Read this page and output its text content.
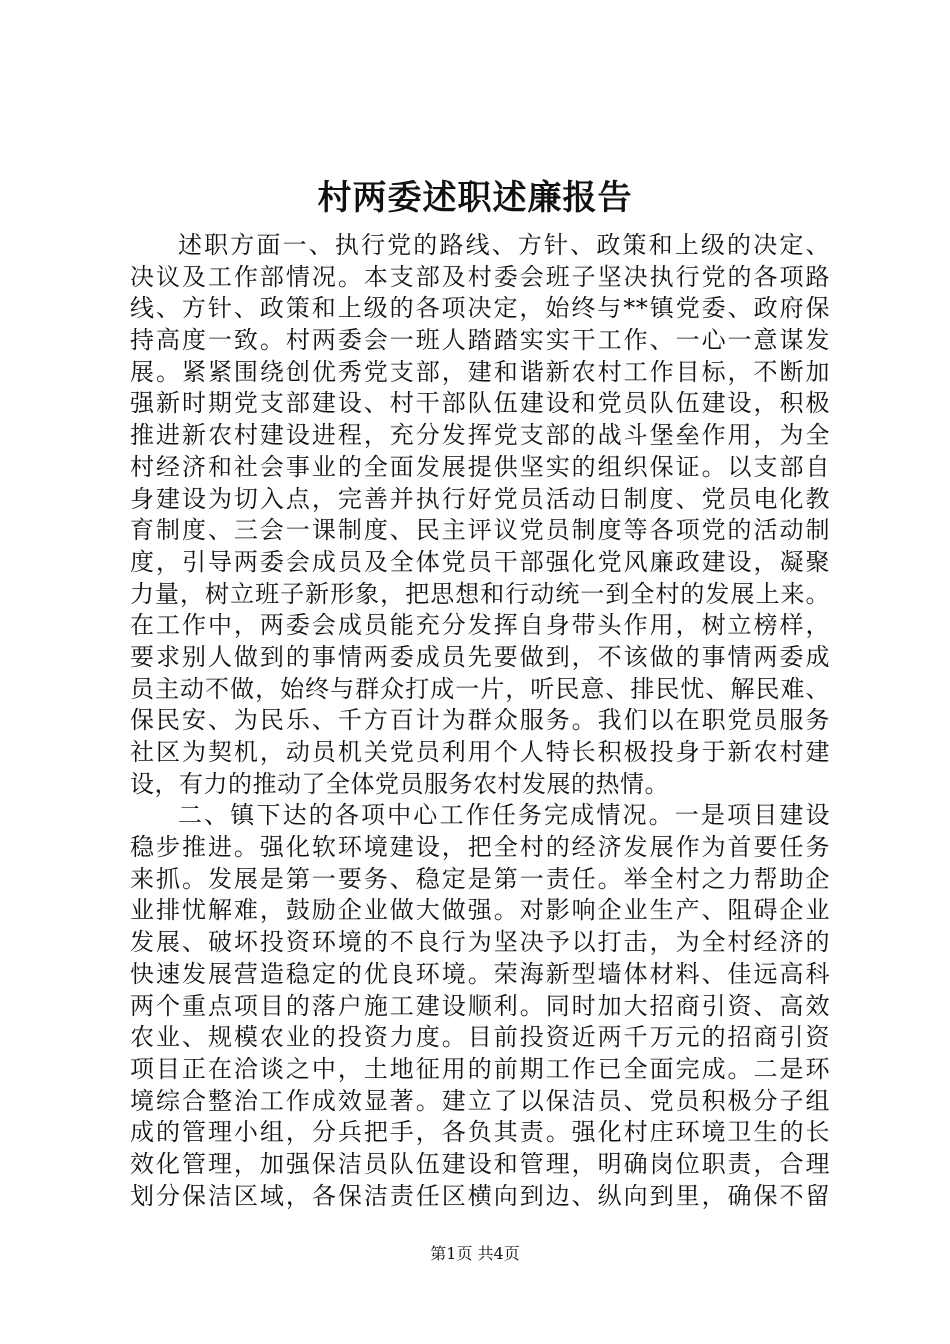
村两委述职述廉报告
述职方面一、执行党的路线、方针、政策和上级的决定、
决议及工作部情况。本支部及村委会班子坚决执行党的各项路
线、方针、政策和上级的各项决定，始终与**镇党委、政府保
持高度一致。村两委会一班人踏踏实实干工作、一心一意谋发
展。紧紧围绕创优秀党支部，建和谐新农村工作目标，不断加
强新时期党支部建设、村干部队伍建设和党员队伍建设，积极
推进新农村建设进程，充分发挥党支部的战斗堡垒作用，为全
村经济和社会事业的全面发展提供坚实的组织保证。以支部自
身建设为切入点，完善并执行好党员活动日制度、党员电化教
育制度、三会一课制度、民主评议党员制度等各项党的活动制
度，引导两委会成员及全体党员干部强化党风廉政建设，凝聚
力量，树立班子新形象，把思想和行动统一到全村的发展上来。
在工作中，两委会成员能充分发挥自身带头作用，树立榜样，
要求别人做到的事情两委成员先要做到，不该做的事情两委成
员主动不做，始终与群众打成一片，听民意、排民忧、解民难、
保民安、为民乐、千方百计为群众服务。我们以在职党员服务
社区为契机，动员机关党员利用个人特长积极投身于新农村建
设，有力的推动了全体党员服务农村发展的热情。
二、镇下达的各项中心工作任务完成情况。一是项目建设
稳步推进。强化软环境建设，把全村的经济发展作为首要任务
来抓。发展是第一要务、稳定是第一责任。举全村之力帮助企
业排忧解难，鼓励企业做大做强。对影响企业生产、阻碍企业
发展、破坏投资环境的不良行为坚决予以打击，为全村经济的
快速发展营造稳定的优良环境。荣海新型墙体材料、佳远高科
两个重点项目的落户施工建设顺利。同时加大招商引资、高效
农业、规模农业的投资力度。目前投资近两千万元的招商引资
项目正在洽谈之中，土地征用的前期工作已全面完成。二是环
境综合整治工作成效显著。建立了以保洁员、党员积极分子组
成的管理小组，分兵把手，各负其责。强化村庄环境卫生的长
效化管理，加强保洁员队伍建设和管理，明确岗位职责，合理
划分保洁区域，各保洁责任区横向到边、纵向到里，确保不留
第1页 共4页
